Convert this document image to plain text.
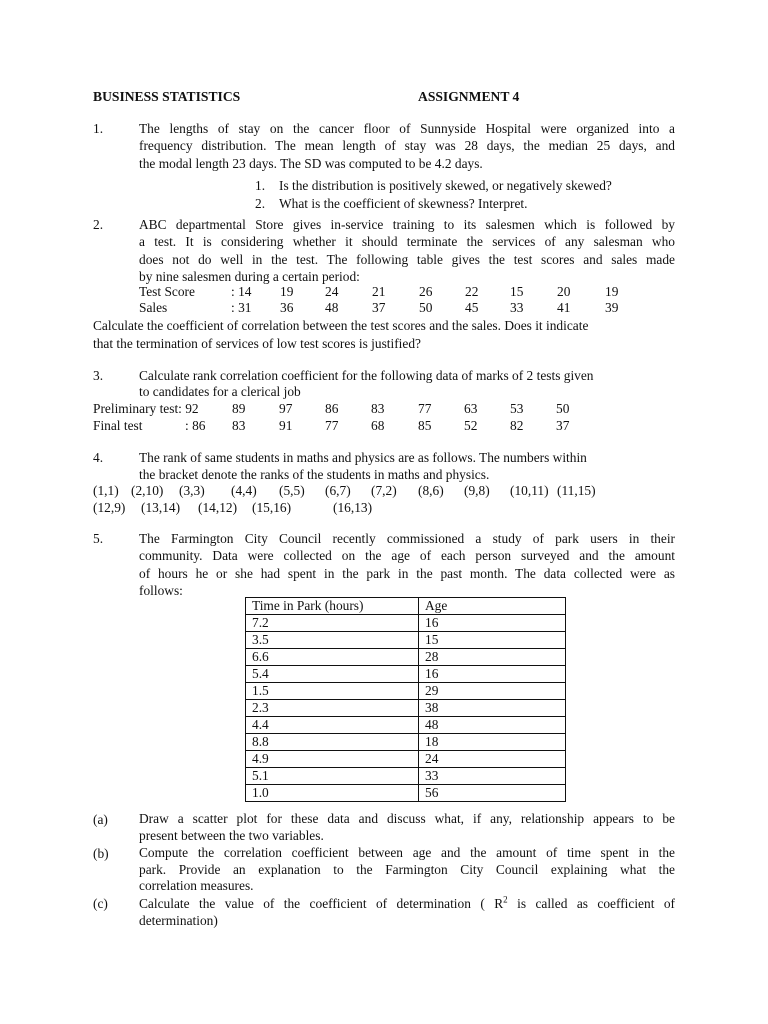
BUSINESS STATISTICS	ASSIGNMENT 4
1.	The lengths of stay on the cancer floor of Sunnyside Hospital were organized into a
frequency distribution. The mean length of stay was 28 days, the median 25 days, and
the modal length 23 days. The SD was computed to be 4.2 days.
1. Is the distribution is positively skewed, or negatively skewed?
2. What is the coefficient of skewness? Interpret.
2.	ABC departmental Store gives in-service training to its salesmen which is followed by
a test. It is considering whether it should terminate the services of any salesman who
does not do well in the test. The following table gives the test scores and sales made
by nine salesmen during a certain period:
Test Score	: 14 19 24	21	26 22 15	20	19
Sales	: 31 36 48	37	50 45 33	41	39
Calculate the coefficient of correlation between the test scores and the sales. Does it indicate
that the termination of services of low test scores is justified?
3.	Calculate rank correlation coefficient for the following data of marks of 2 tests given
to candidates for a clerical job
Preliminary test: 92 89	97 86 83	77 63 53 50
Final test	: 86 83	91 77 68	85 52 82 37
4.	The rank of same students in maths and physics are as follows. The numbers within
the bracket denote the ranks of the students in maths and physics.
(1,1) (2,10) (3,3) (4,4) (5,5) (6,7) (7,2) (8,6) (9,8) (10,11) (11,15)
(12,9) (13,14) (14,12) (15,16)	(16,13)
5.	The Farmington City Council recently commissioned a study of park users in their
community. Data were collected on the age of each person surveyed and the amount
of hours he or she had spent in the park in the past month. The data collected were as
follows:
Time in Park (hours)	Age
7.2	16
3.5	15
6.6	28
5.4	16
1.5	29
2.3	38
4.4	48
8.8	18
4.9	24
5.1	33
1.0	56
(a) Draw a scatter plot for these data and discuss what, if any, relationship appears to be
present between the two variables.
(b) Compute the correlation coefficient between age and the amount of time spent in the
park. Provide an explanation to the Farmington City Council explaining what the
correlation measures.
(c) Calculate the value of the coefficient of determination ( $R^2$ is called as coefficient of
determination)
